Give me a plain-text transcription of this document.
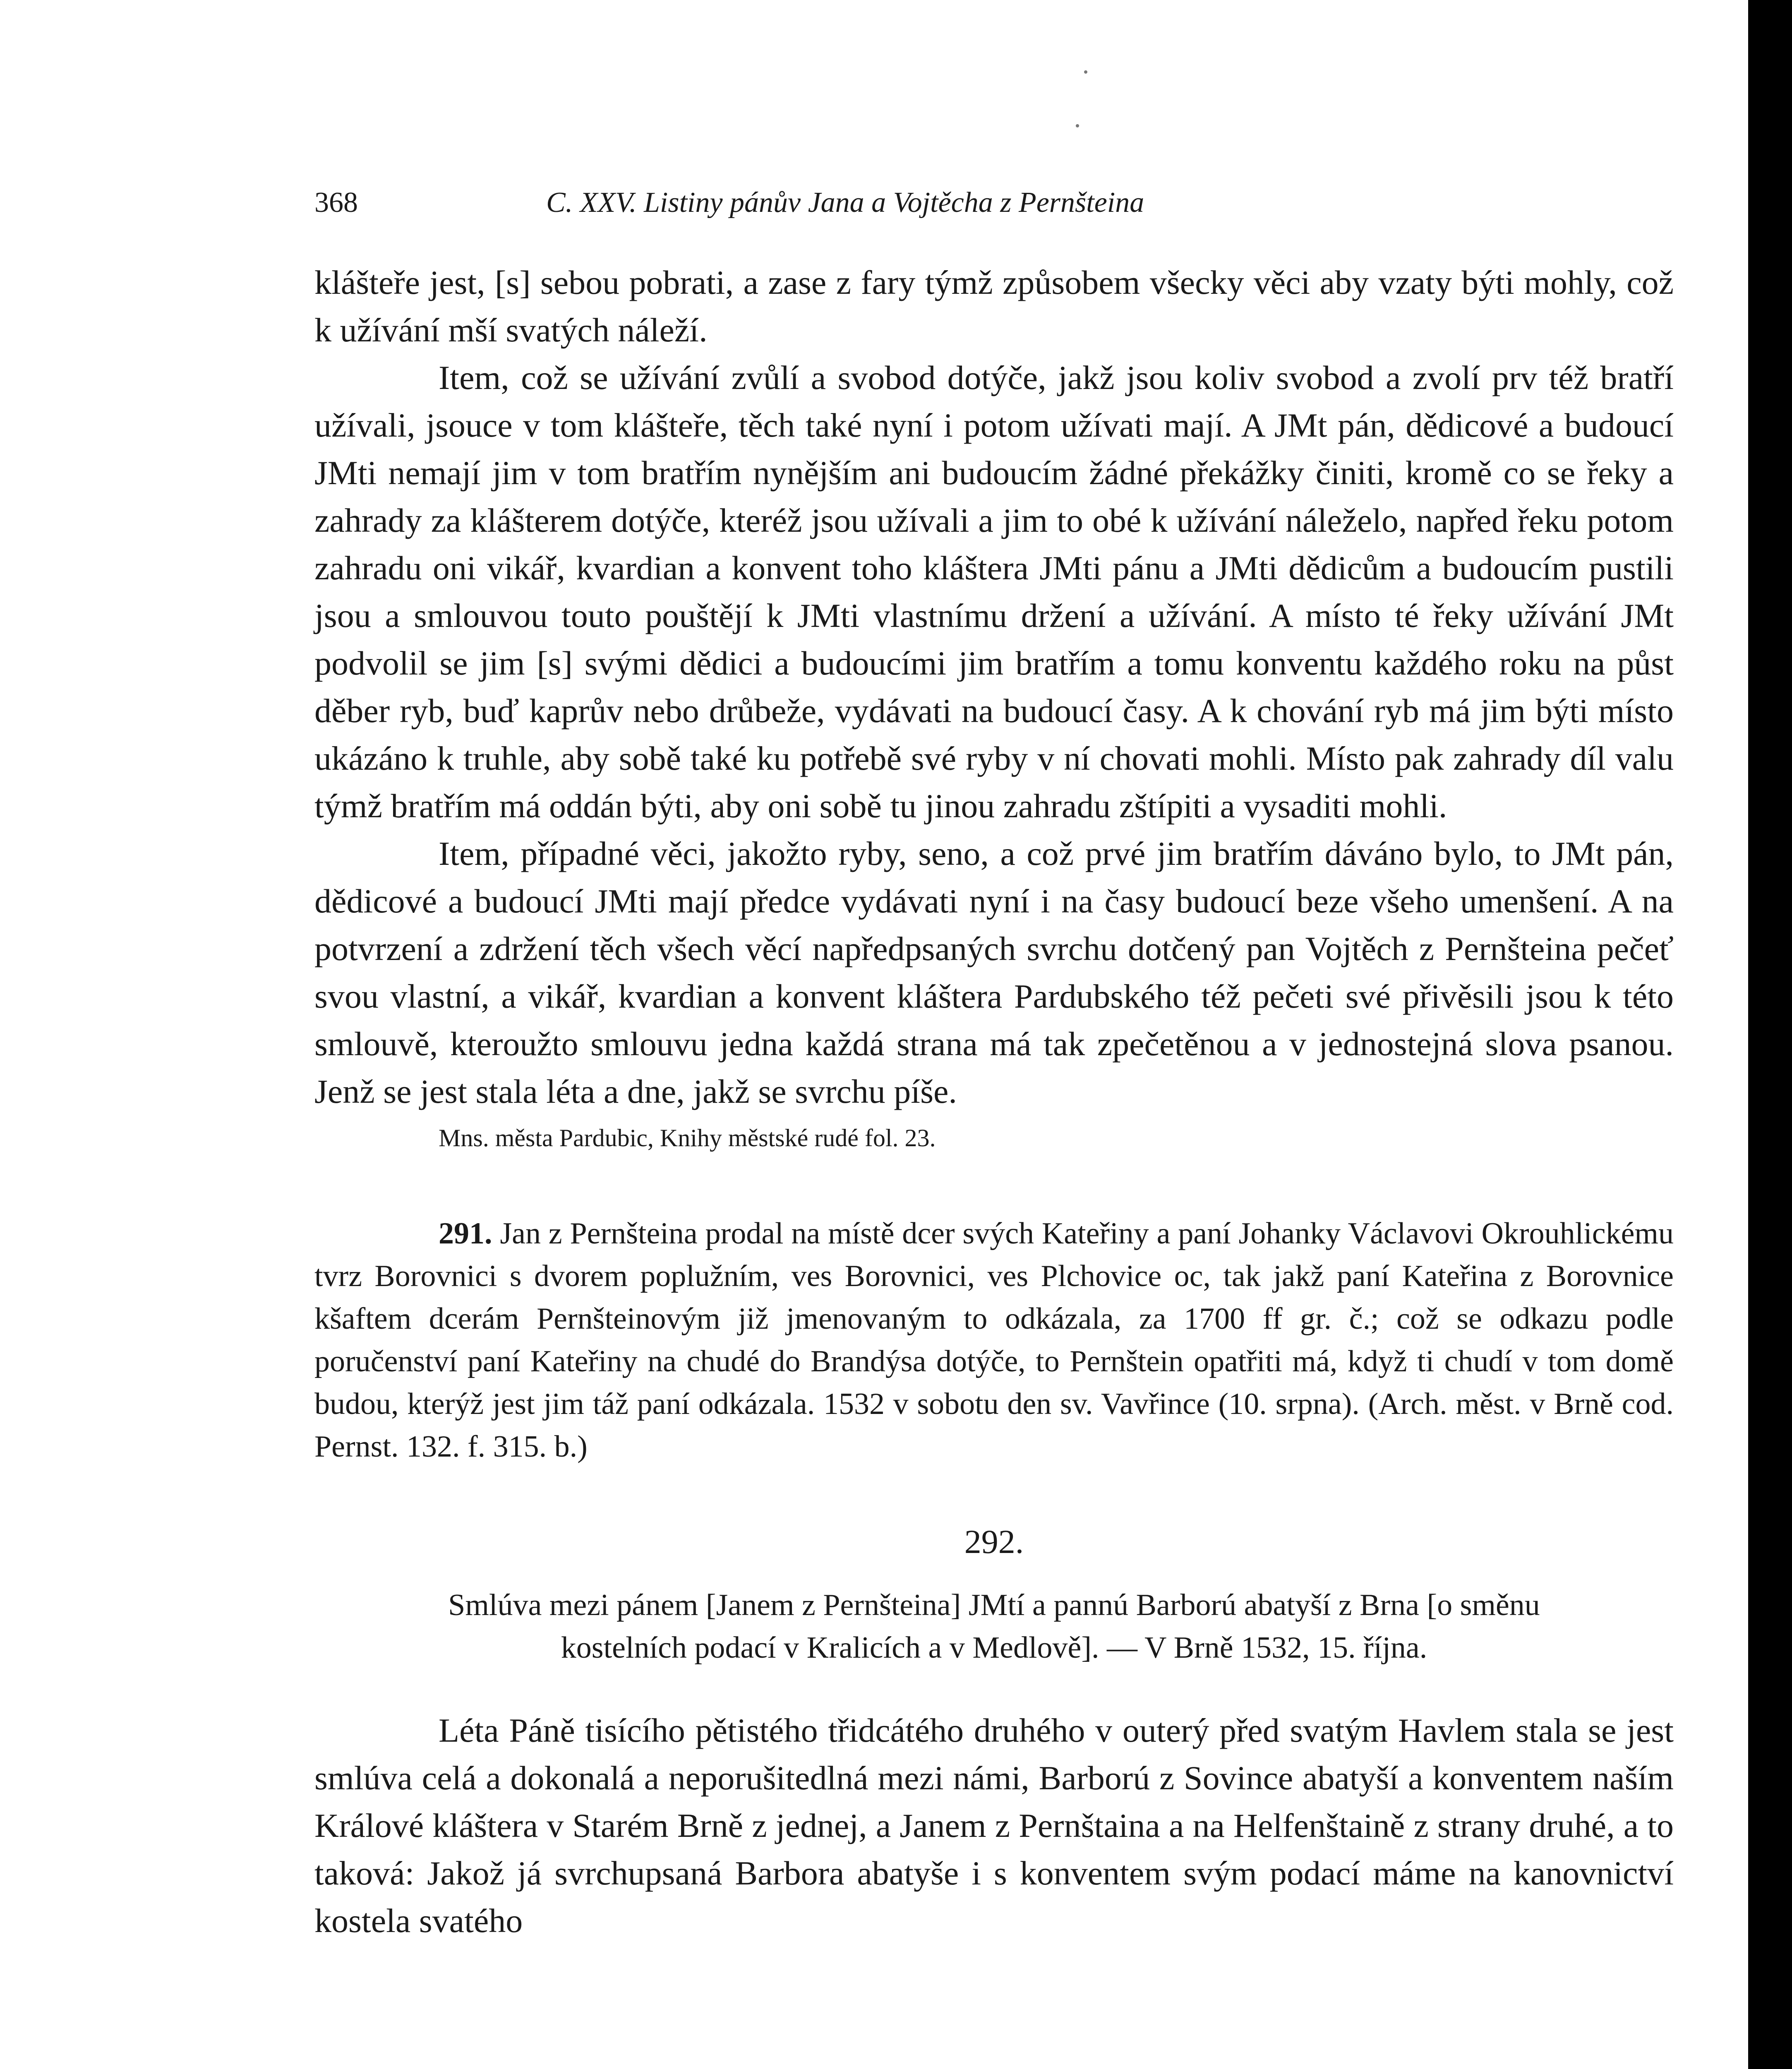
368	C. XXV. Listiny pánův Jana a Vojtěcha z Pernšteina

klášteře jest, [s] sebou pobrati, a zase z fary týmž způsobem všecky věci aby vzaty býti mohly, což k užívání mší svatých náleží.

Item, což se užívání zvůlí a svobod dotýče, jakž jsou koliv svobod a zvolí prv též bratří užívali, jsouce v tom klášteře, těch také nyní i potom užívati mají. A JMt pán, dědicové a budoucí JMti nemají jim v tom bratřím nynějším ani budoucím žádné překážky činiti, kromě co se řeky a zahrady za klášterem dotýče, kteréž jsou užívali a jim to obé k užívání náleželo, napřed řeku potom zahradu oni vikář, kvardian a konvent toho kláštera JMti pánu a JMti dědicům a budoucím pustili jsou a smlouvou touto pouštějí k JMti vlastnímu držení a užívání. A místo té řeky užívání JMt podvolil se jim [s] svými dědici a budoucími jim bratřím a tomu konventu každého roku na půst děber ryb, buď kaprův nebo drůbeže, vydávati na budoucí časy. A k chování ryb má jim býti místo ukázáno k truhle, aby sobě také ku potřebě své ryby v ní chovati mohli. Místo pak zahrady díl valu týmž bratřím má oddán býti, aby oni sobě tu jinou zahradu zštípiti a vysaditi mohli.

Item, případné věci, jakožto ryby, seno, a což prvé jim bratřím dáváno bylo, to JMt pán, dědicové a budoucí JMti mají předce vydávati nyní i na časy budoucí beze všeho umenšení. A na potvrzení a zdržení těch všech věcí napředpsaných svrchu dotčený pan Vojtěch z Pernšteina pečeť svou vlastní, a vikář, kvardian a konvent kláštera Pardubského též pečeti své přivěsili jsou k této smlouvě, kteroužto smlouvu jedna každá strana má tak zpečetěnou a v jednostejná slova psanou. Jenž se jest stala léta a dne, jakž se svrchu píše.

Mns. města Pardubic, Knihy městské rudé fol. 23.

291. Jan z Pernšteina prodal na místě dcer svých Kateřiny a paní Johanky Václavovi Okrouhlickému tvrz Borovnici s dvorem poplužním, ves Borovnici, ves Plchovice oc, tak jakž paní Kateřina z Borovnice kšaftem dcerám Pernšteinovým již jmenovaným to odkázala, za 1700 ff gr. č.; což se odkazu podle poručenství paní Kateřiny na chudé do Brandýsa dotýče, to Pernštein opatřiti má, když ti chudí v tom domě budou, kterýž jest jim táž paní odkázala. 1532 v sobotu den sv. Vavřince (10. srpna). (Arch. měst. v Brně cod. Pernst. 132. f. 315. b.)

292.

Smlúva mezi pánem [Janem z Pernšteina] JMtí a pannú Barború abatyší z Brna [o směnu
kostelních podací v Kralicích a v Medlově]. — V Brně 1532, 15. října.

Léta Páně tisícího pětistého třidcátého druhého v outerý před svatým Havlem stala se jest smlúva celá a dokonalá a neporušitedlná mezi námi, Barború z Sovince abatyší a konventem naším Králové kláštera v Starém Brně z jednej, a Janem z Pernštaina a na Helfenštaině z strany druhé, a to taková: Jakož já svrchupsaná Barbora abatyše i s konventem svým podací máme na kanovnictví kostela svatého
